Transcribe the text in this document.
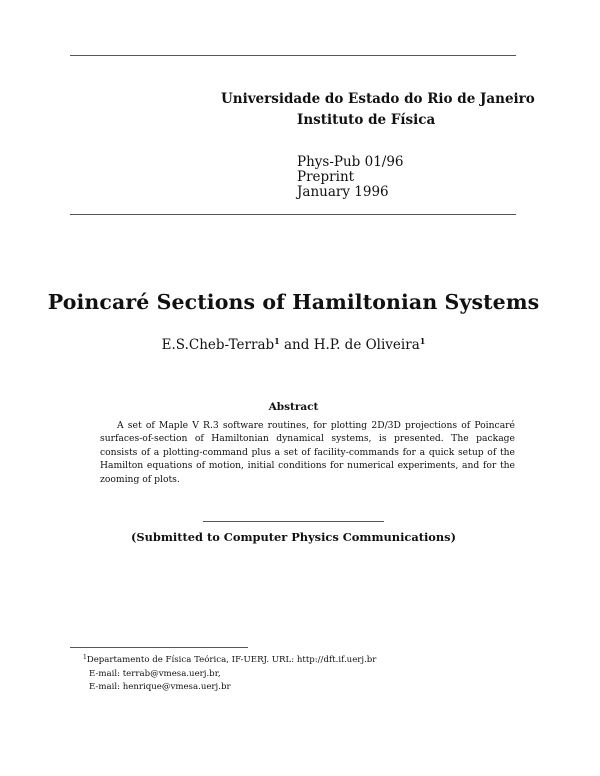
Universidade do Estado do Rio de Janeiro
Instituto de Física
Phys-Pub 01/96
Preprint
January 1996
Poincaré Sections of Hamiltonian Systems
E.S.Cheb-Terrab$^1$ and H.P. de Oliveira$^1$
Abstract

A set of Maple V R.3 software routines, for plotting 2D/3D projections of Poincaré surfaces-of-section of Hamiltonian dynamical systems, is presented. The package consists of a plotting-command plus a set of facility-commands for a quick setup of the Hamilton equations of motion, initial conditions for numerical experiments, and for the zooming of plots.

(Submitted to Computer Physics Communications)
$^1$Departamento de Física Teórica, IF-UERJ. URL: http://dft.if.uerj.br
E-mail: terrab@vmesa.uerj.br,
E-mail: henrique@vmesa.uerj.br
